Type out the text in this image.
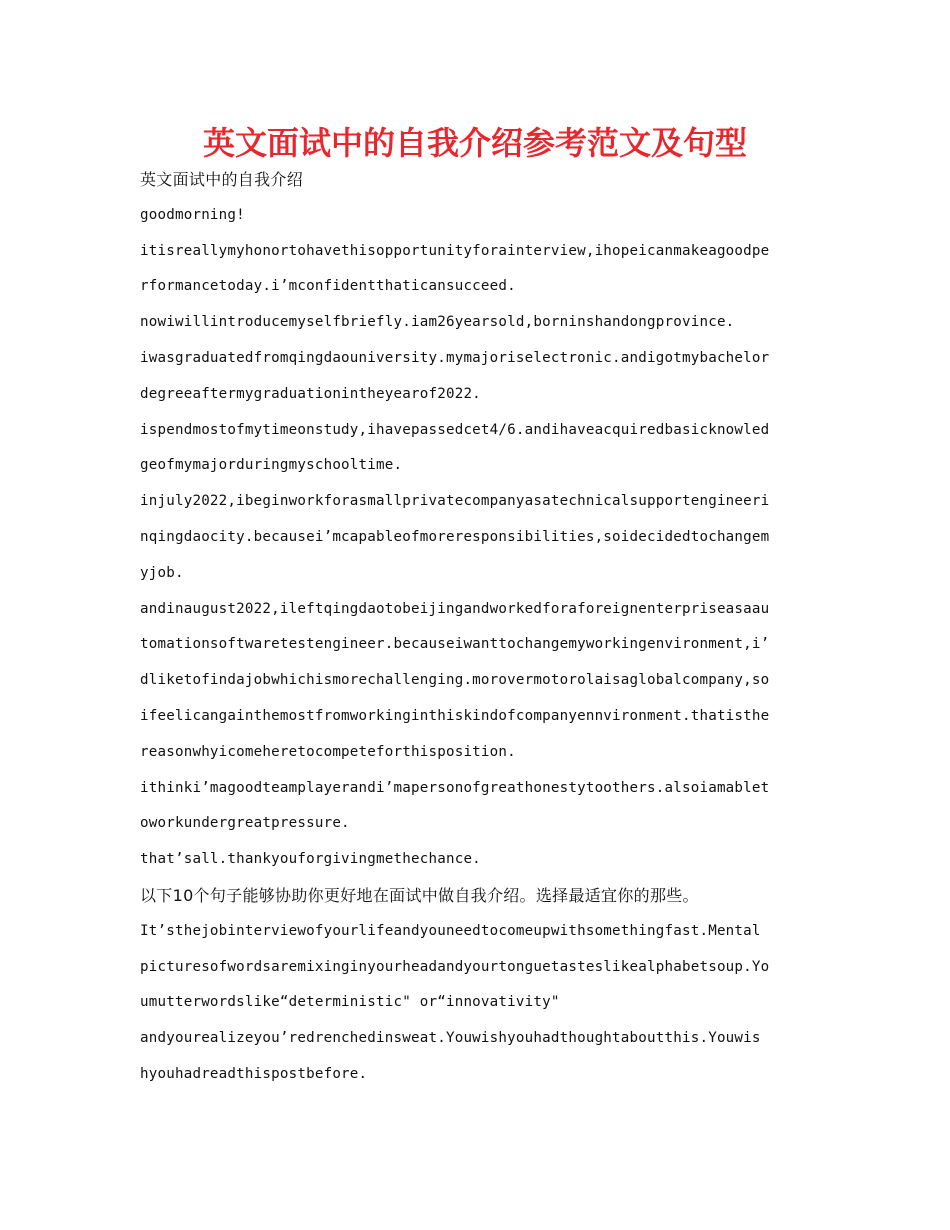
英文面试中的自我介绍参考范文及句型
英文面试中的自我介绍
goodmorning!
itisreallymyhonortohavethisopportunityforainterview,ihopeicanmakeagoodpe
rformancetoday.i’mconfidentthaticansucceed.
nowiwillintroducemyselfbriefly.iam26yearsold,borninshandongprovince.
iwasgraduatedfromqingdaouniversity.mymajoriselectronic.andigotmybachelor
degreeaftermygraduationintheyearof2022.
ispendmostofmytimeonstudy,ihavepassedcet4/6.andihaveacquiredbasicknowled
geofmymajorduringmyschooltime.
injuly2022,ibeginworkforasmallprivatecompanyasatechnicalsupportengineeri
nqingdaocity.becausei’mcapableofmoreresponsibilities,soidecidedtochangem
yjob.
andinaugust2022,ileftqingdaotobeijingandworkedforaforeignenterpriseasaau
tomationsoftwaretestengineer.becauseiwanttochangemyworkingenvironment,i’
dliketofindajobwhichismorechallenging.morovermotorolaisaglobalcompany,so
ifeelicangainthemostfromworkinginthiskindofcompanyennvironment.thatisthe
reasonwhyicomeheretocompeteforthisposition.
ithinki’magoodteamplayerandi’mapersonofgreathonestytoothers.alsoiamablet
oworkundergreatpressure.
that’sall.thankyouforgivingmethechance.
以下10个句子能够协助你更好地在面试中做自我介绍。选择最适宜你的那些。
It’sthejobinterviewofyourlifeandyouneedtocomeupwithsomethingfast.Mental
picturesofwordsaremixinginyourheadandyourtonguetasteslikealphabetsoup.Yo
umutterwordslike“deterministic" or“innovativity"
andyourealizeyou’redrenchedinsweat.Youwishyouhadthoughtaboutthis.Youwis
hyouhadreadthispostbefore.
